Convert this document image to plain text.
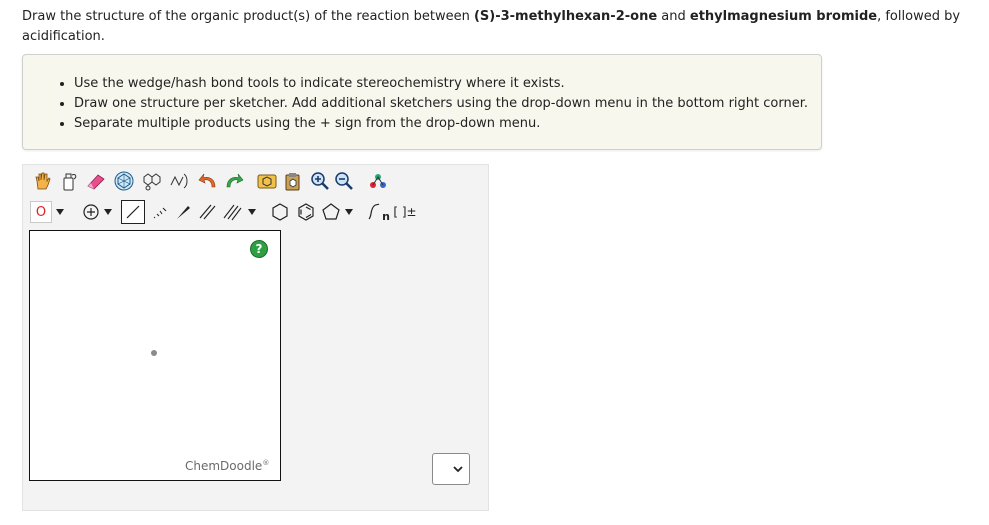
Draw the structure of the organic product(s) of the reaction between (S)-3-methylhexan-2-one and ethylmagnesium bromide, followed by acidification.
• Use the wedge/hash bond tools to indicate stereochemistry where it exists.
• Draw one structure per sketcher. Add additional sketchers using the drop-down menu in the bottom right corner.
• Separate multiple products using the + sign from the drop-down menu.
O	n [ ]±
?
ChemDoodle®
